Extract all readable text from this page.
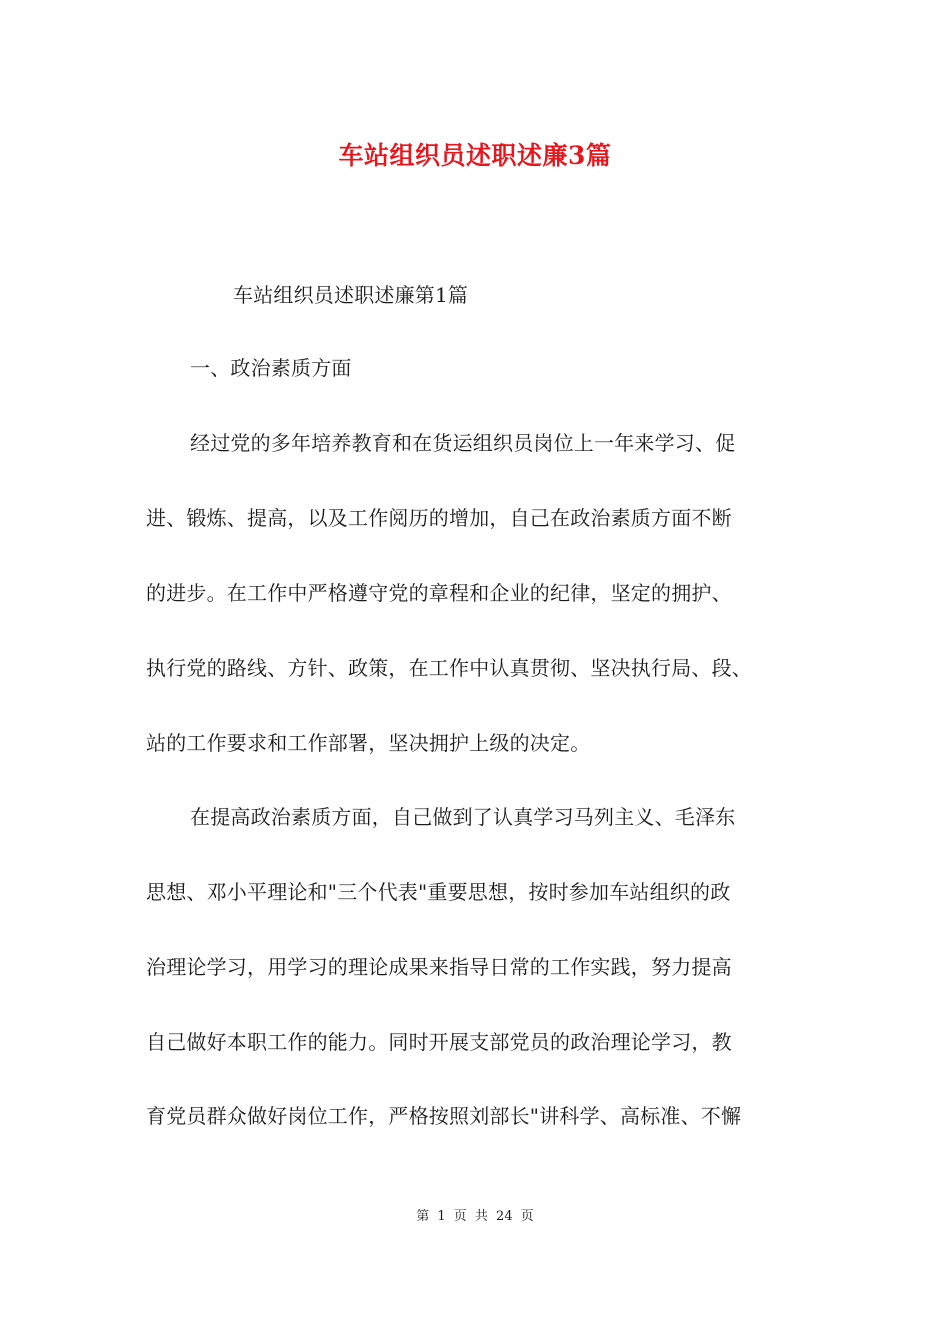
车站组织员述职述廉3篇
车站组织员述职述廉第1篇
一、政治素质方面
经过党的多年培养教育和在货运组织员岗位上一年来学习、促
进、锻炼、提高，以及工作阅历的增加，自己在政治素质方面不断
的进步。在工作中严格遵守党的章程和企业的纪律，坚定的拥护、
执行党的路线、方针、政策，在工作中认真贯彻、坚决执行局、段、
站的工作要求和工作部署，坚决拥护上级的决定。
在提高政治素质方面，自己做到了认真学习马列主义、毛泽东
思想、邓小平理论和"三个代表"重要思想，按时参加车站组织的政
治理论学习，用学习的理论成果来指导日常的工作实践，努力提高
自己做好本职工作的能力。同时开展支部党员的政治理论学习，教
育党员群众做好岗位工作，严格按照刘部长"讲科学、高标准、不懈
第 1 页 共 24 页
